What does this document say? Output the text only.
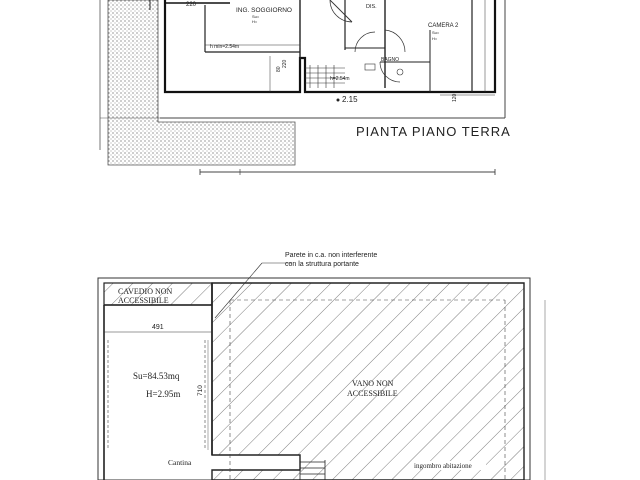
220
ING. SOGGIORNO
Su=
H=
DIS.
CAMERA 2
Su=
H=
BAGNO
h min=2.54m
220
80
h=2.54m
2.15	120
PIANTA PIANO TERRA
Parete in c.a. non interferente
con la struttura portante
CAVEDIO NON
ACCESSIBILE
491
Su=84.53mq
H=2.95m	710
VANO NON
ACCESSIBILE
Cantina	ingombro abitazione
